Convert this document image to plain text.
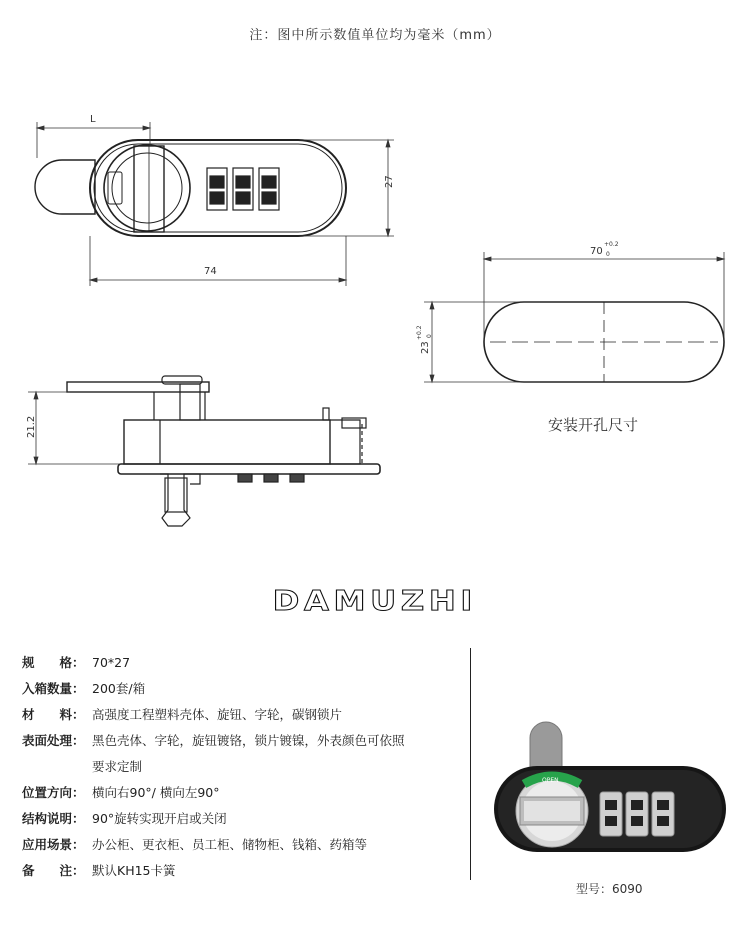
注：图中所示数值单位均为毫米（mm）
L
27
74
70
+0.2
0
23
+0.2 0
21.2	安装开孔尺寸
DAMUZHI
规　　格： 70*27
入箱数量： 200套/箱
材　　料： 高强度工程塑料壳体、旋钮、字轮，碳钢锁片
表面处理： 黑色壳体、字轮，旋钮镀铬，锁片镀镍，外表颜色可依照
要求定制
位置方向： 横向右90°/ 横向左90°
结构说明： 90°旋转实现开启或关闭
应用场景： 办公柜、更衣柜、员工柜、储物柜、钱箱、药箱等
备　　注： 默认KH15卡簧
OPEN
型号：6090
